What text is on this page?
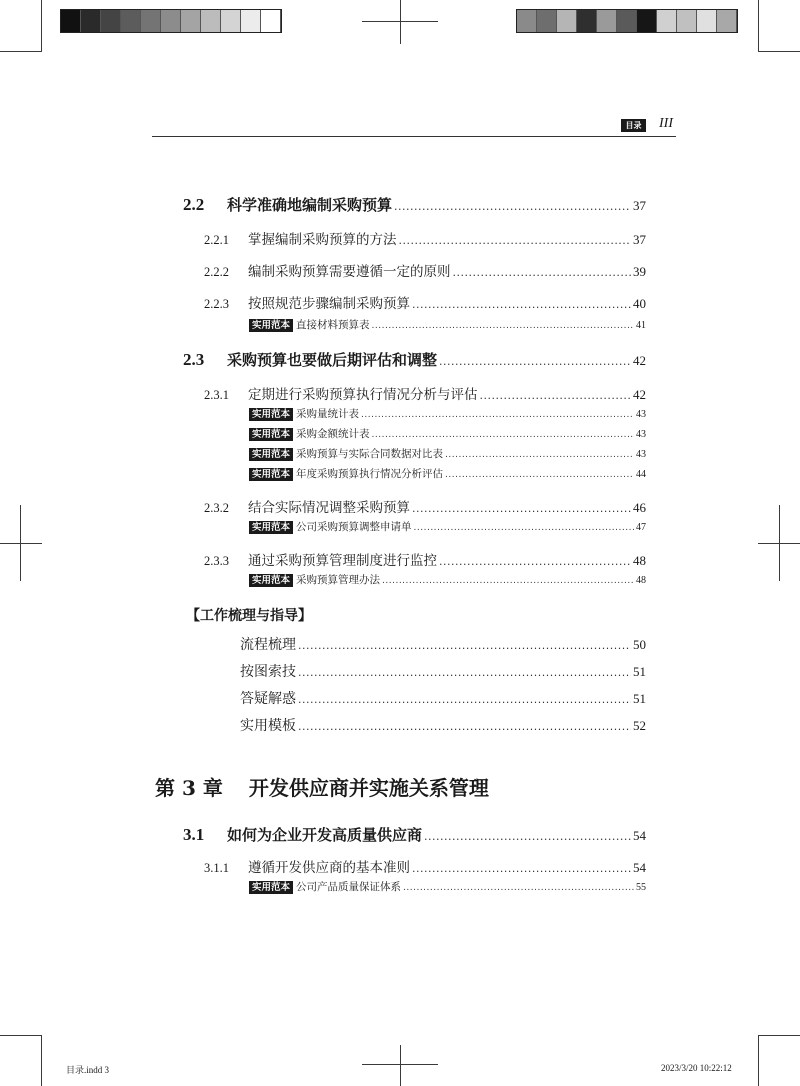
目录	III
2.2	科学准确地编制采购预算 .....	37
2.2.1	掌握编制采购预算的方法 .....	37
2.2.2	编制采购预算需要遵循一定的原则 .....	39
2.2.3	按照规范步骤编制采购预算 .....	40
实用范本 直接材料预算表 .....	41
2.3	采购预算也要做后期评估和调整 .....	42
2.3.1	定期进行采购预算执行情况分析与评估 .....	42
实用范本 采购量统计表 .....	43
实用范本 采购金额统计表 .....	43
实用范本 采购预算与实际合同数据对比表 .....	43
实用范本 年度采购预算执行情况分析评估 .....	44
2.3.2	结合实际情况调整采购预算 .....	46
实用范本 公司采购预算调整申请单 .....	47
2.3.3	通过采购预算管理制度进行监控 .....	48
实用范本 采购预算管理办法 .....	48
【工作梳理与指导】
流程梳理 .....	50
按图索技 .....	51
答疑解惑 .....	51
实用模板 .....	52
第 3 章 开发供应商并实施关系管理
3.1	如何为企业开发高质量供应商 .....	54
3.1.1	遵循开发供应商的基本准则 .....	54
实用范本 公司产品质量保证体系 .....	55
目录.indd 3	2023/3/20 10:22:12
